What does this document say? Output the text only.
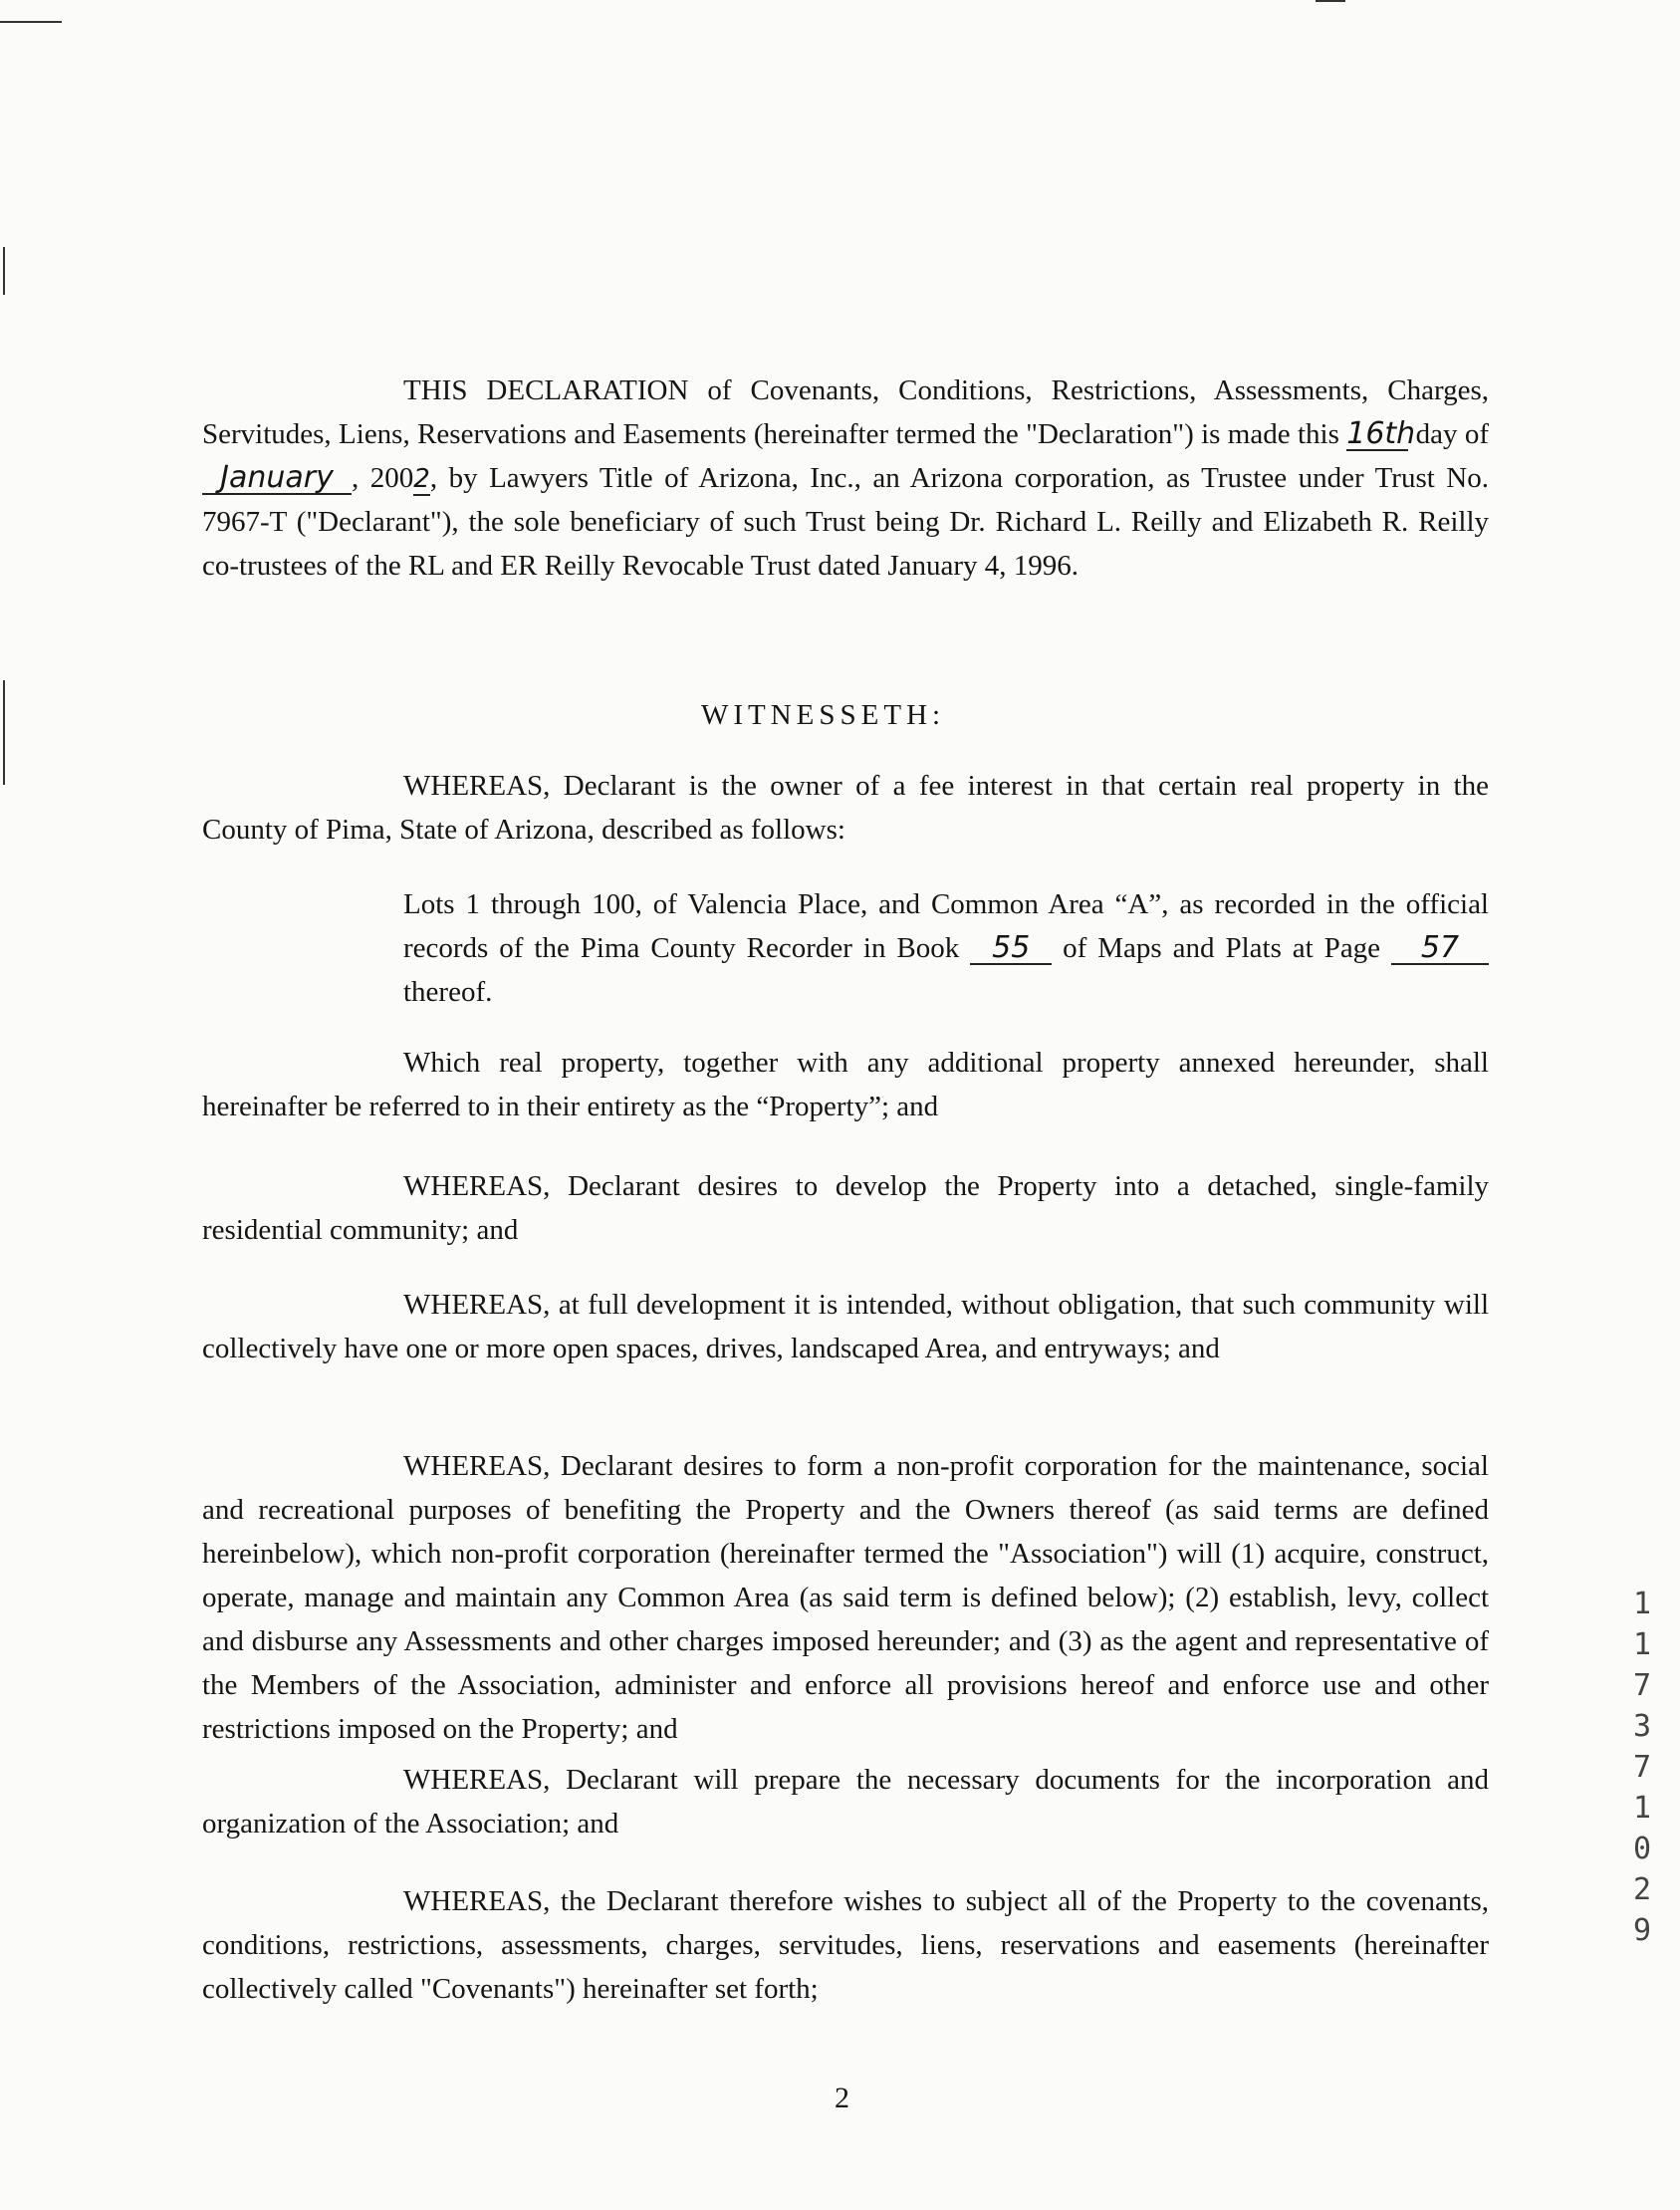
THIS DECLARATION of Covenants, Conditions, Restrictions, Assessments, Charges, Servitudes, Liens, Reservations and Easements (hereinafter termed the "Declaration") is made this 16th day of January , 2002, by Lawyers Title of Arizona, Inc., an Arizona corporation, as Trustee under Trust No. 7967-T ("Declarant"), the sole beneficiary of such Trust being Dr. Richard L. Reilly and Elizabeth R. Reilly co-trustees of the RL and ER Reilly Revocable Trust dated January 4, 1996.

WITNESSETH:

WHEREAS, Declarant is the owner of a fee interest in that certain real property in the County of Pima, State of Arizona, described as follows:

Lots 1 through 100, of Valencia Place, and Common Area “A”, as recorded in the official records of the Pima County Recorder in Book 55 of Maps and Plats at Page 57 thereof.

Which real property, together with any additional property annexed hereunder, shall hereinafter be referred to in their entirety as the “Property”; and

WHEREAS, Declarant desires to develop the Property into a detached, single-family residential community; and

WHEREAS, at full development it is intended, without obligation, that such community will collectively have one or more open spaces, drives, landscaped Area, and entryways; and

WHEREAS, Declarant desires to form a non-profit corporation for the maintenance, social and recreational purposes of benefiting the Property and the Owners thereof (as said terms are defined hereinbelow), which non-profit corporation (hereinafter termed the "Association") will (1) acquire, construct, operate, manage and maintain any Common Area (as said term is defined below); (2) establish, levy, collect and disburse any Assessments and other charges imposed hereunder; and (3) as the agent and representative of the Members of the Association, administer and enforce all provisions hereof and enforce use and other restrictions imposed on the Property; and

WHEREAS, Declarant will prepare the necessary documents for the incorporation and organization of the Association; and

WHEREAS, the Declarant therefore wishes to subject all of the Property to the covenants, conditions, restrictions, assessments, charges, servitudes, liens, reservations and easements (hereinafter collectively called "Covenants") hereinafter set forth;

11737 1029

2
